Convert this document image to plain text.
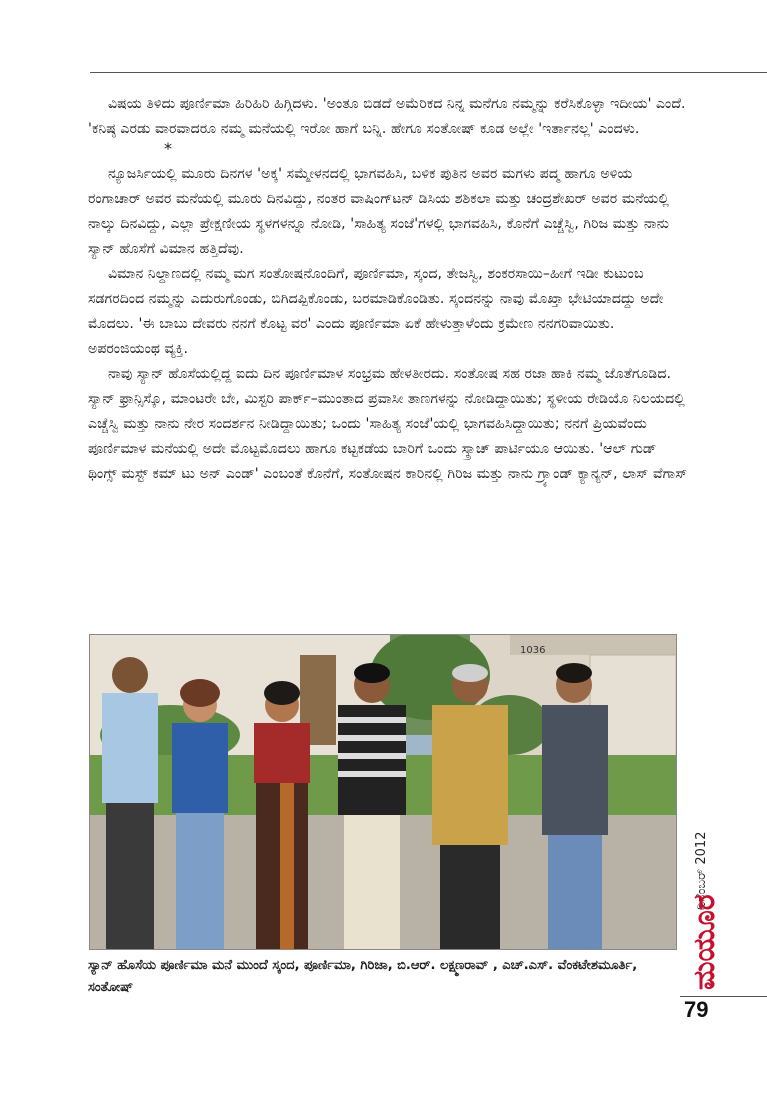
ವಿಷಯ ತಿಳಿದು ಪೂರ್ಣಿಮಾ ಹಿರಿಹಿರಿ ಹಿಗ್ಗಿದಳು. 'ಅಂತೂ ಬಿಡದೆ ಅಮೆರಿಕದ ನಿನ್ನ ಮನೆಗೂ ನಮ್ಮನ್ನು ಕರೆಸಿಕೊಳ್ಳಾ ಇದೀಯ' ಎಂದೆ. 'ಕನಿಷ್ಠ ಎರಡು ವಾರವಾದರೂ ನಮ್ಮ ಮನೆಯಲ್ಲಿ ಇರೋ ಹಾಗೆ ಬನ್ನಿ. ಹೇಗೂ ಸಂತೋಷ್ ಕೂಡ ಅಲ್ಲೇ 'ಇರ್ತಾನಲ್ಲ' ಎಂದಳು.

*

ನ್ಯೂಜರ್ಸಿಯಲ್ಲಿ ಮೂರು ದಿನಗಳ 'ಅಕ್ಕ' ಸಮ್ಮೇಳನದಲ್ಲಿ ಭಾಗವಹಿಸಿ, ಬಳಿಕ ಪುತಿನ ಅವರ ಮಗಳು ಪದ್ಮ ಹಾಗೂ ಅಳಿಯ ರಂಗಾಚಾರ್ ಅವರ ಮನೆಯಲ್ಲಿ ಮೂರು ದಿನವಿದ್ದು, ನಂತರ ವಾಷಿಂಗ್‌ಟನ್ ಡಿಸಿಯ ಶಶಿಕಲಾ ಮತ್ತು ಚಂದ್ರಶೇಖರ್ ಅವರ ಮನೆಯಲ್ಲಿ ನಾಲ್ಕು ದಿನವಿದ್ದು, ಎಲ್ಲಾ ಪ್ರೇಕ್ಷಣೀಯ ಸ್ಥಳಗಳನ್ನೂ ನೋಡಿ, 'ಸಾಹಿತ್ಯ ಸಂಜೆ'ಗಳಲ್ಲಿ ಭಾಗವಹಿಸಿ, ಕೊನೆಗೆ ಎಚ್ಚೆಸ್ವಿ, ಗಿರಿಜ ಮತ್ತು ನಾನು ಸ್ಯಾನ್ ಹೊಸೆಗೆ ವಿಮಾನ ಹತ್ತಿದೆವು.

ವಿಮಾನ ನಿಲ್ದಾಣದಲ್ಲಿ ನಮ್ಮ ಮಗ ಸಂತೋಷನೊಂದಿಗೆ, ಪೂರ್ಣಿಮಾ, ಸ್ಕಂದ, ತೇಜಸ್ವಿ, ಶಂಕರಸಾಯಿ–ಹೀಗೆ ಇಡೀ ಕುಟುಂಬ ಸಡಗರದಿಂದ ನಮ್ಮನ್ನು ಎದುರುಗೊಂಡು, ಬಿಗಿದಪ್ಪಿಕೊಂಡು, ಬರಮಾಡಿಕೊಂಡಿತು. ಸ್ಕಂದನನ್ನು ನಾವು ಮೊಖ್ತಾ ಭೇಟಿಯಾದದ್ದು ಅದೇ ಮೊದಲು. 'ಈ ಬಾಬು ದೇವರು ನನಗೆ ಕೊಟ್ಟ ವರ' ಎಂದು ಪೂರ್ಣಿಮಾ ಏಕೆ ಹೇಳುತ್ತಾಳೆಂದು ಕ್ರಮೇಣ ನನಗರಿವಾಯಿತು. ಅಪರಂಜಿಯಂಥ ವ್ಯಕ್ತಿ.

ನಾವು ಸ್ಯಾನ್ ಹೊಸೆಯಲ್ಲಿದ್ದ ಐದು ದಿನ ಪೂರ್ಣಿಮಾಳ ಸಂಭ್ರಮ ಹೇಳತೀರದು. ಸಂತೋಷ ಸಹ ರಜಾ ಹಾಕಿ ನಮ್ಮ ಜೊತೆಗೂಡಿದ. ಸ್ಯಾನ್ ಫ್ರಾನ್ಸಿಸ್ಕೊ, ಮಾಂಟರೇ ಬೇ, ಮಿಸ್ಟರಿ ಪಾರ್ಕ್–ಮುಂತಾದ ಪ್ರವಾಸೀ ತಾಣಗಳನ್ನು ನೋಡಿದ್ದಾಯಿತು; ಸ್ಥಳೀಯ ರೇಡಿಯೊ ನಿಲಯದಲ್ಲಿ ಎಚ್ಚೆಸ್ವಿ ಮತ್ತು ನಾನು ನೇರ ಸಂದರ್ಶನ ನೀಡಿದ್ದಾಯಿತು; ಒಂದು 'ಸಾಹಿತ್ಯ ಸಂಜೆ'ಯಲ್ಲಿ ಭಾಗವಹಿಸಿದ್ದಾಯಿತು; ನನಗೆ ಪ್ರಿಯವೆಂದು ಪೂರ್ಣಿಮಾಳ ಮನೆಯಲ್ಲಿ ಅದೇ ಮೊಟ್ಟಮೊದಲು ಹಾಗೂ ಕಟ್ಟಕಡೆಯ ಬಾರಿಗೆ ಒಂದು ಸ್ಕ್ರಾಚ್ ಪಾರ್ಟಿಯೂ ಆಯಿತು. 'ಆಲ್ ಗುಡ್ ಥಿಂಗ್ಸ್ ಮಸ್ಟ್ ಕಮ್ ಟು ಅನ್ ಎಂಡ್' ಎಂಬಂತೆ ಕೊನೆಗೆ, ಸಂತೋಷನ ಕಾರಿನಲ್ಲಿ ಗಿರಿಜ ಮತ್ತು ನಾನು ಗ್ರ್ಯಾಂಡ್ ಕ್ಯಾನ್ಯನ್, ಲಾಸ್ ವೆಗಾಸ್

1036

ಸ್ಯಾನ್ ಹೊಸೆಯ ಪೂರ್ಣಿಮಾ ಮನೆ ಮುಂದೆ ಸ್ಕಂದ, ಪೂರ್ಣಿಮಾ, ಗಿರಿಜಾ, ಬಿ.ಆರ್. ಲಕ್ಷ್ಮಣರಾವ್ , ಎಚ್.ಎಸ್. ವೆಂಕಟೇಶಮೂರ್ತಿ, ಸಂತೋಷ್

ಡಿಸೆಂಬರ್ 2012
ಮಯೂರ
79
